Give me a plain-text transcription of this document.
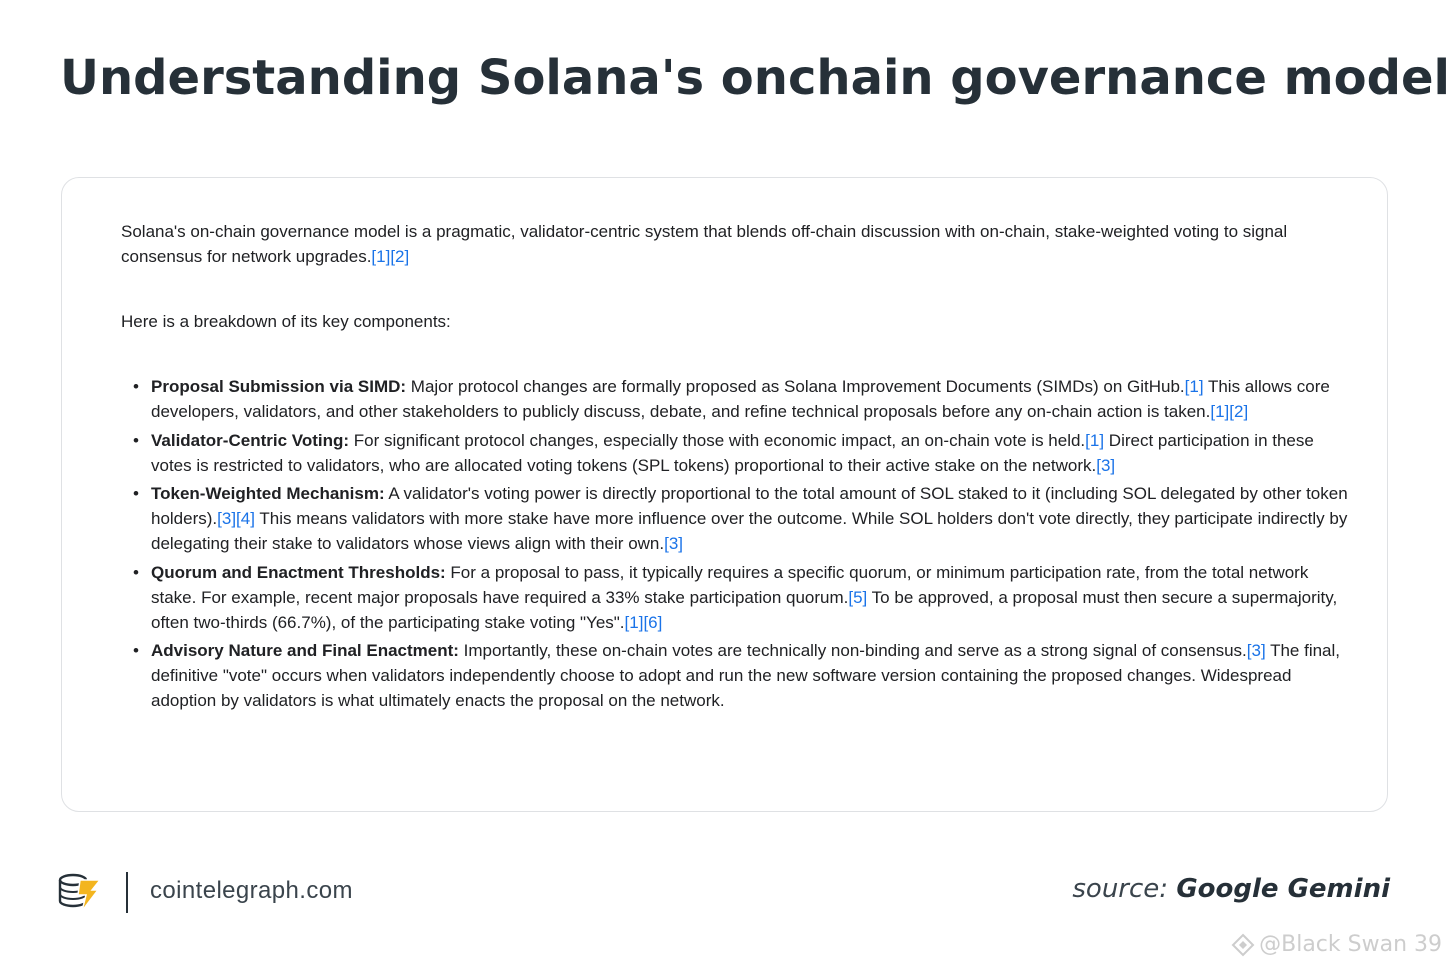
Understanding Solana's onchain governance model

Solana's on-chain governance model is a pragmatic, validator-centric system that blends off-chain discussion with on-chain, stake-weighted voting to signal consensus for network upgrades.[1][2]

Here is a breakdown of its key components:

• Proposal Submission via SIMD: Major protocol changes are formally proposed as Solana Improvement Documents (SIMDs) on GitHub.[1] This allows core developers, validators, and other stakeholders to publicly discuss, debate, and refine technical proposals before any on-chain action is taken.[1][2]
• Validator-Centric Voting: For significant protocol changes, especially those with economic impact, an on-chain vote is held.[1] Direct participation in these votes is restricted to validators, who are allocated voting tokens (SPL tokens) proportional to their active stake on the network.[3]
• Token-Weighted Mechanism: A validator's voting power is directly proportional to the total amount of SOL staked to it (including SOL delegated by other token holders).[3][4] This means validators with more stake have more influence over the outcome. While SOL holders don't vote directly, they participate indirectly by delegating their stake to validators whose views align with their own.[3]
• Quorum and Enactment Thresholds: For a proposal to pass, it typically requires a specific quorum, or minimum participation rate, from the total network stake. For example, recent major proposals have required a 33% stake participation quorum.[5] To be approved, a proposal must then secure a supermajority, often two-thirds (66.7%), of the participating stake voting "Yes".[1][6]
• Advisory Nature and Final Enactment: Importantly, these on-chain votes are technically non-binding and serve as a strong signal of consensus.[3] The final, definitive "vote" occurs when validators independently choose to adopt and run the new software version containing the proposed changes. Widespread adoption by validators is what ultimately enacts the proposal on the network.
cointelegraph.com	source: Google Gemini
@Black Swan 39
